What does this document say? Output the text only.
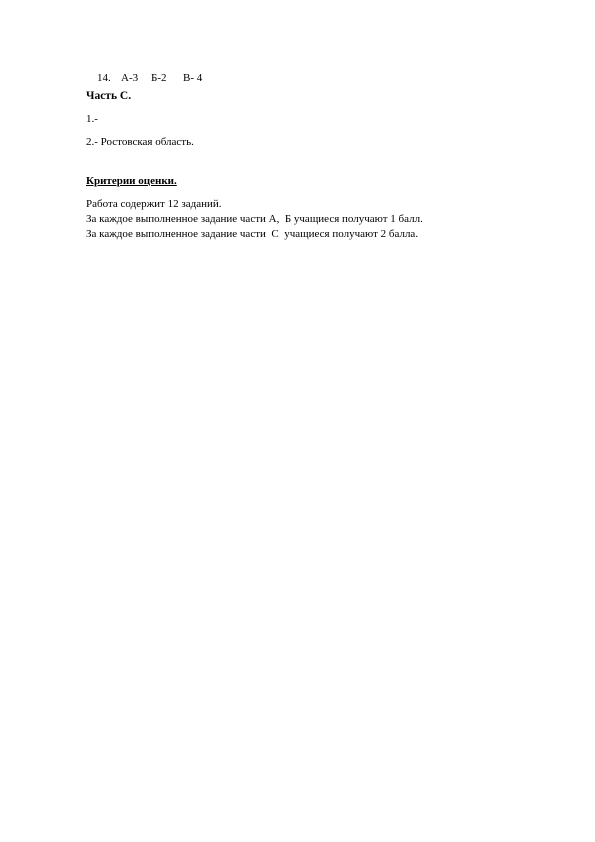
14. А-3 Б-2 В- 4

Часть С.
1.-
2.- Ростовская область.
Критерии оценки.
Работа содержит 12 заданий.
За каждое выполненное задание части А,  Б учащиеся получают 1 балл.
За каждое выполненное задание части  С  учащиеся получают 2 балла.
